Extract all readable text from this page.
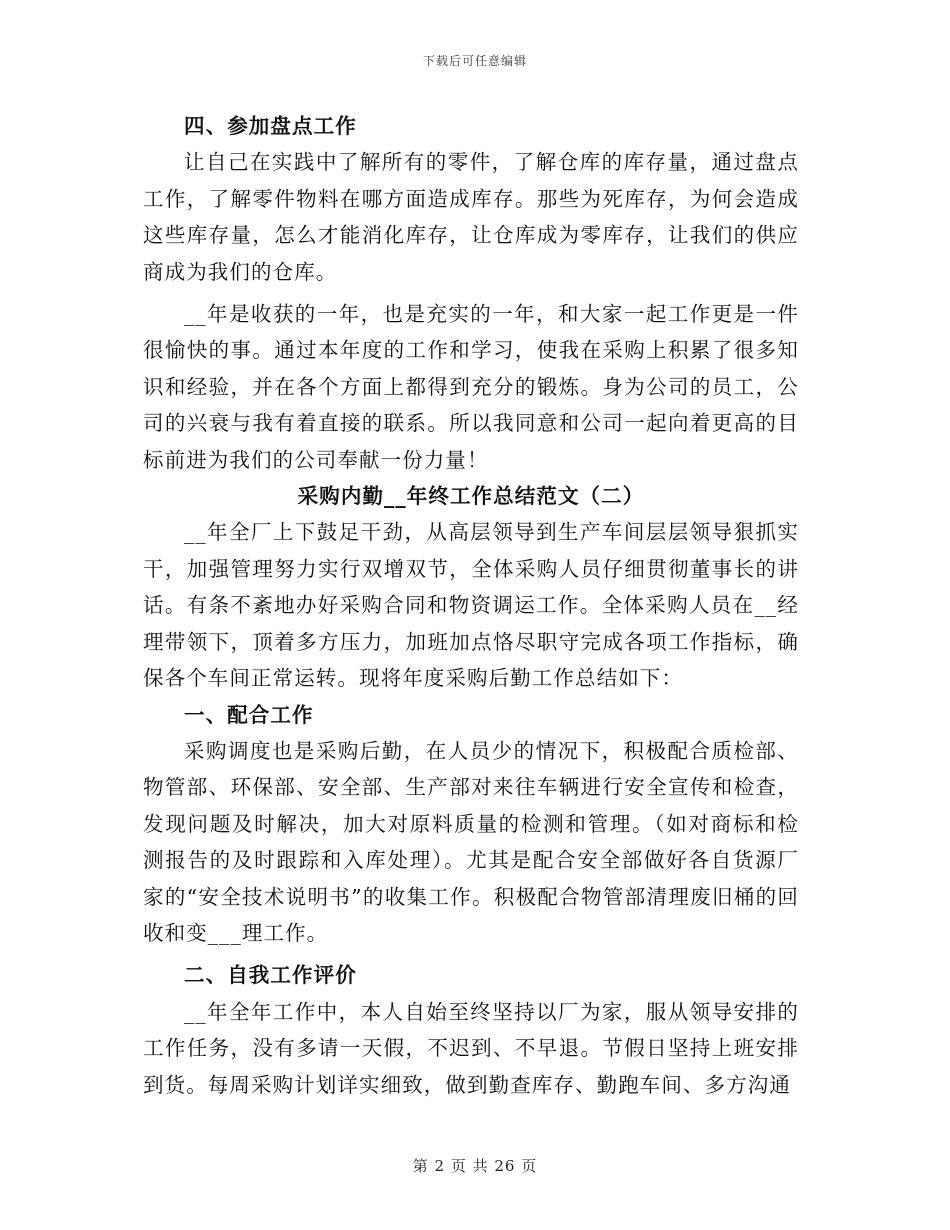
下载后可任意编辑
四、参加盘点工作

让自己在实践中了解所有的零件，了解仓库的库存量，通过盘点工作，了解零件物料在哪方面造成库存。那些为死库存，为何会造成这些库存量，怎么才能消化库存，让仓库成为零库存，让我们的供应商成为我们的仓库。

__年是收获的一年，也是充实的一年，和大家一起工作更是一件很愉快的事。通过本年度的工作和学习，使我在采购上积累了很多知识和经验，并在各个方面上都得到充分的锻炼。身为公司的员工，公司的兴衰与我有着直接的联系。所以我同意和公司一起向着更高的目标前进为我们的公司奉献一份力量！

采购内勤__年终工作总结范文（二）

__年全厂上下鼓足干劲，从高层领导到生产车间层层领导狠抓实干，加强管理努力实行双增双节，全体采购人员仔细贯彻董事长的讲话。有条不紊地办好采购合同和物资调运工作。全体采购人员在__经理带领下，顶着多方压力，加班加点恪尽职守完成各项工作指标，确保各个车间正常运转。现将年度采购后勤工作总结如下：

一、配合工作

采购调度也是采购后勤，在人员少的情况下，积极配合质检部、物管部、环保部、安全部、生产部对来往车辆进行安全宣传和检查，发现问题及时解决，加大对原料质量的检测和管理。（如对商标和检测报告的及时跟踪和入库处理）。尤其是配合安全部做好各自货源厂家的“安全技术说明书”的收集工作。积极配合物管部清理废旧桶的回收和变___理工作。

二、自我工作评价

__年全年工作中，本人自始至终坚持以厂为家，服从领导安排的工作任务，没有多请一天假，不迟到、不早退。节假日坚持上班安排到货。每周采购计划详实细致，做到勤查库存、勤跑车间、多方沟通

第 2 页 共 26 页
